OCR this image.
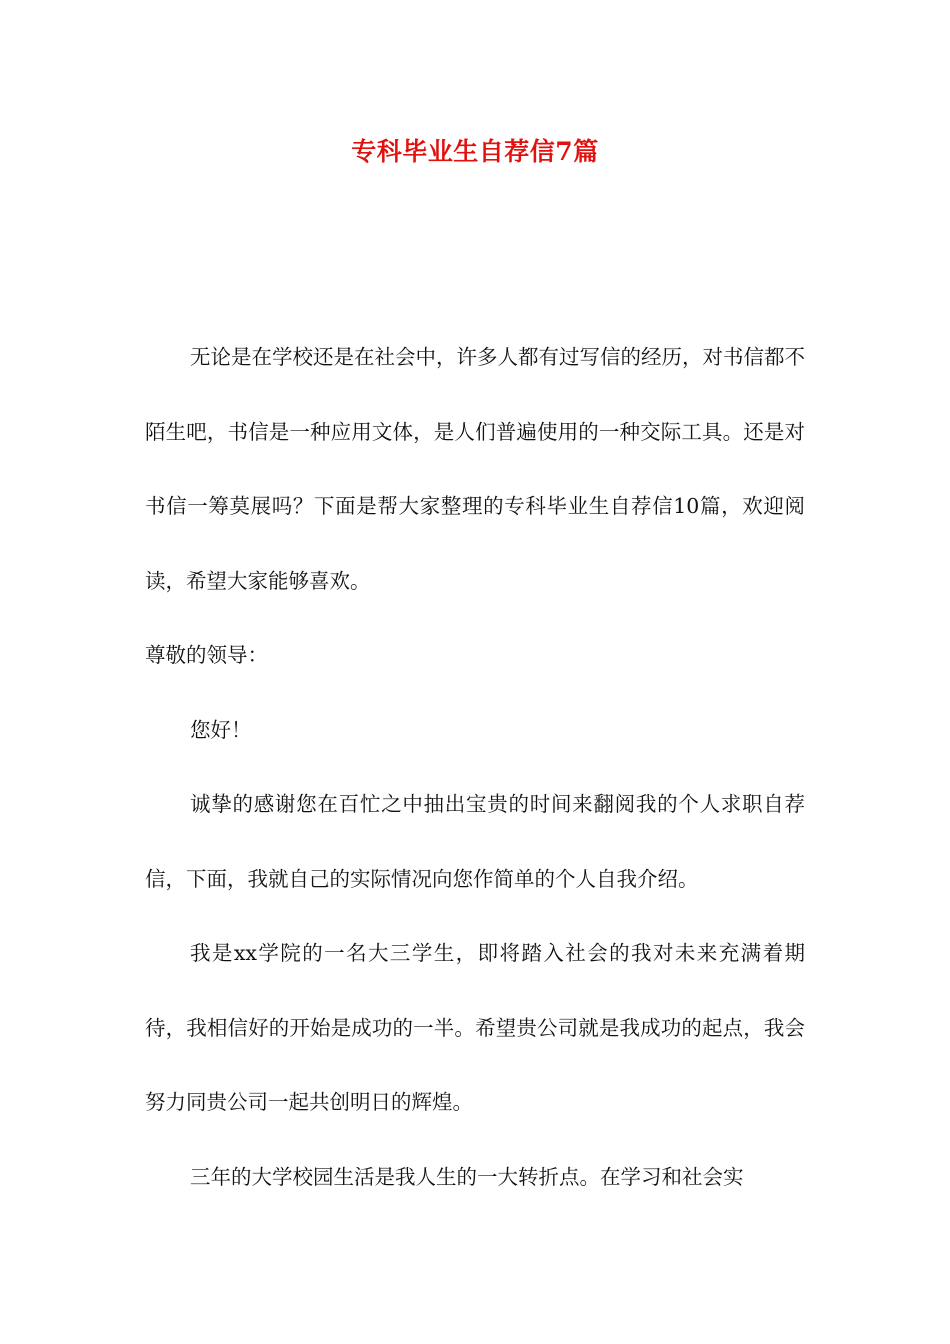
专科毕业生自荐信7篇

无论是在学校还是在社会中，许多人都有过写信的经历，对书信都不陌生吧，书信是一种应用文体，是人们普遍使用的一种交际工具。还是对书信一筹莫展吗？下面是帮大家整理的专科毕业生自荐信10篇，欢迎阅读，希望大家能够喜欢。

尊敬的领导：

您好！

诚挚的感谢您在百忙之中抽出宝贵的时间来翻阅我的个人求职自荐信，下面，我就自己的实际情况向您作简单的个人自我介绍。

我是xx学院的一名大三学生，即将踏入社会的我对未来充满着期待，我相信好的开始是成功的一半。希望贵公司就是我成功的起点，我会努力同贵公司一起共创明日的辉煌。

三年的大学校园生活是我人生的一大转折点。在学习和社会实
